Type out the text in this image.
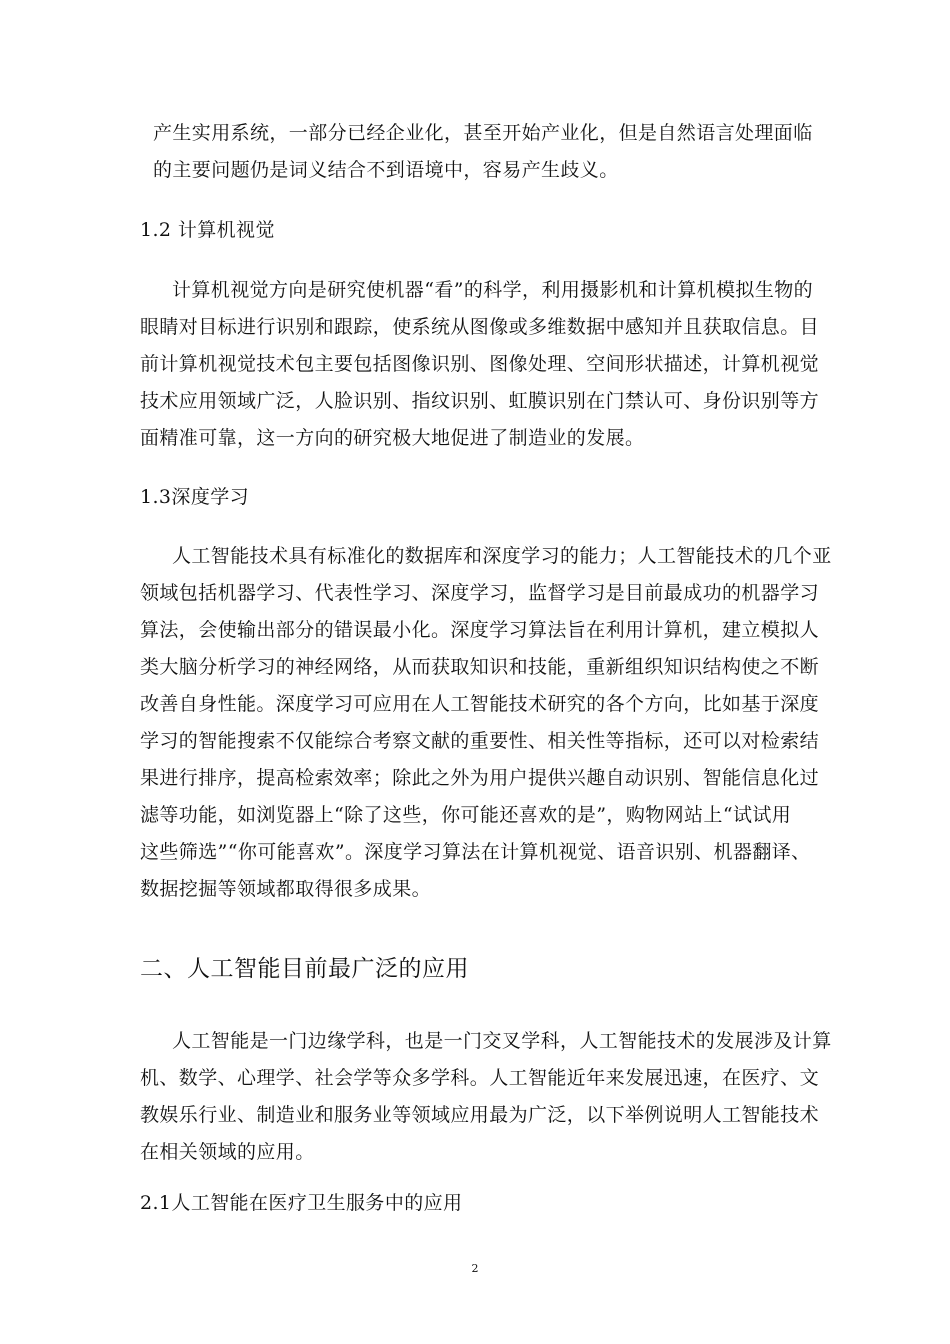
产生实用系统，一部分已经企业化，甚至开始产业化，但是自然语言处理面临
的主要问题仍是词义结合不到语境中，容易产生歧义。
1.2 计算机视觉
计算机视觉方向是研究使机器“看”的科学，利用摄影机和计算机模拟生物的
眼睛对目标进行识别和跟踪，使系统从图像或多维数据中感知并且获取信息。目
前计算机视觉技术包主要包括图像识别、图像处理、空间形状描述，计算机视觉
技术应用领域广泛，人脸识别、指纹识别、虹膜识别在门禁认可、身份识别等方
面精准可靠，这一方向的研究极大地促进了制造业的发展。
1.3深度学习
人工智能技术具有标准化的数据库和深度学习的能力；人工智能技术的几个亚
领域包括机器学习、代表性学习、深度学习，监督学习是目前最成功的机器学习
算法，会使输出部分的错误最小化。深度学习算法旨在利用计算机，建立模拟人
类大脑分析学习的神经网络，从而获取知识和技能，重新组织知识结构使之不断
改善自身性能。深度学习可应用在人工智能技术研究的各个方向，比如基于深度
学习的智能搜索不仅能综合考察文献的重要性、相关性等指标，还可以对检索结
果进行排序，提高检索效率；除此之外为用户提供兴趣自动识别、智能信息化过
滤等功能，如浏览器上“除了这些，你可能还喜欢的是”，购物网站上“试试用
这些筛选”“你可能喜欢”。深度学习算法在计算机视觉、语音识别、机器翻译、
数据挖掘等领域都取得很多成果。
二、人工智能目前最广泛的应用
人工智能是一门边缘学科，也是一门交叉学科，人工智能技术的发展涉及计算
机、数学、心理学、社会学等众多学科。人工智能近年来发展迅速，在医疗、文
教娱乐行业、制造业和服务业等领域应用最为广泛，以下举例说明人工智能技术
在相关领域的应用。
2.1人工智能在医疗卫生服务中的应用
2
